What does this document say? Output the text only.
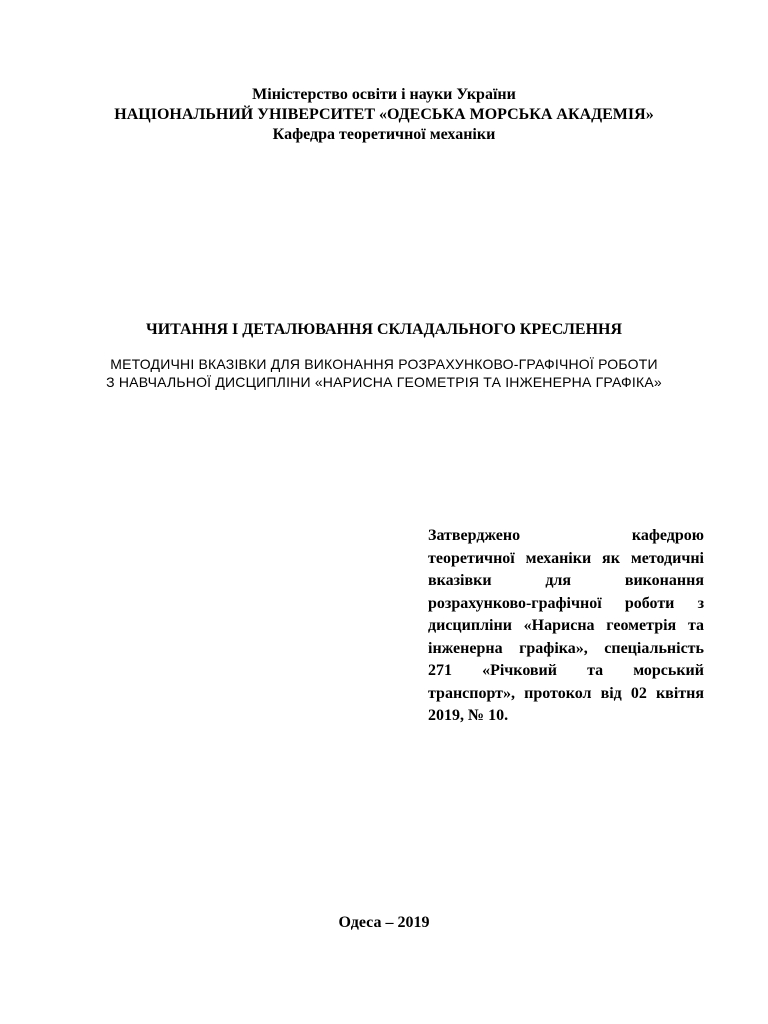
Міністерство освіти і науки України
НАЦІОНАЛЬНИЙ УНІВЕРСИТЕТ «ОДЕСЬКА МОРСЬКА АКАДЕМІЯ»
Кафедра теоретичної механіки
ЧИТАННЯ І ДЕТАЛЮВАННЯ СКЛАДАЛЬНОГО КРЕСЛЕННЯ
МЕТОДИЧНІ ВКАЗІВКИ ДЛЯ ВИКОНАННЯ РОЗРАХУНКОВО-ГРАФІЧНОЇ РОБОТИ
З НАВЧАЛЬНОЇ ДИСЦИПЛІНИ «НАРИСНА ГЕОМЕТРІЯ ТА ІНЖЕНЕРНА ГРАФІКА»
Затверджено кафедрою
теоретичної механіки як методичні
вказівки для виконання
розрахунково-графічної роботи з
дисципліни «Нарисна геометрія та
інженерна графіка», спеціальність
271 «Річковий та морський
транспорт», протокол від 02 квітня
2019, № 10.
Одеса – 2019
